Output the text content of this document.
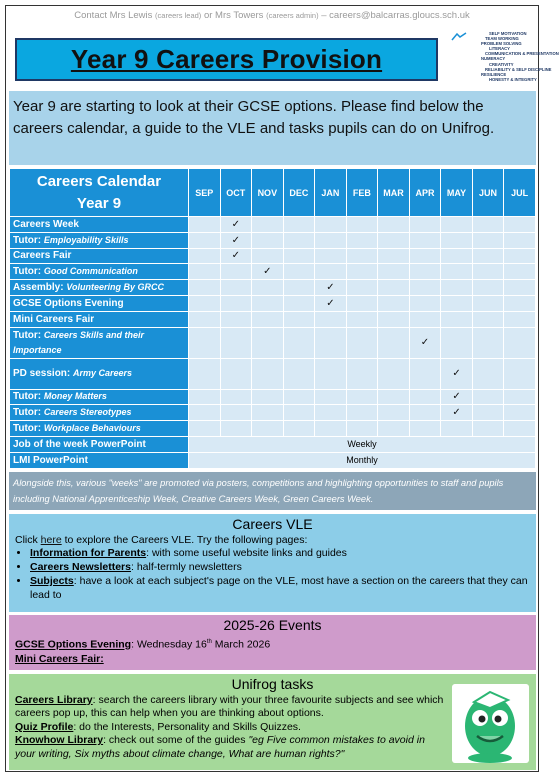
Contact Mrs Lewis (careers lead) or Mrs Towers (careers admin) – careers@balcarras.gloucs.sch.uk
Year 9 Careers Provision
SELF MOTIVATION
TEAM WORKING
PROBLEM SOLVING
LITERACY
COMMUNICATION & PRESENTATION
NUMERACY
CREATIVITY
RELIABILITY & SELF DISCIPLINE
RESILIENCE
HONESTY & INTEGRITY
Year 9 are starting to look at their GCSE options. Please find below the careers calendar, a guide to the VLE and tasks pupils can do on Unifrog.
Careers Calendar
Year 9	SEP	OCT	NOV	DEC	JAN	FEB	MAR	APR	MAY	JUN	JUL
Careers Week		✓									
Tutor: Employability Skills		✓									
Careers Fair		✓									
Tutor: Good Communication			✓								
Assembly: Volunteering By GRCC					✓						
GCSE Options Evening					✓						
Mini Careers Fair											
Tutor: Careers Skills and their Importance								✓			
PD session: Army Careers									✓		
Tutor: Money Matters									✓		
Tutor: Careers Stereotypes									✓		
Tutor: Workplace Behaviours											
Job of the week PowerPoint	Weekly										
LMI PowerPoint	Monthly										
Alongside this, various "weeks" are promoted via posters, competitions and highlighting opportunities to staff and pupils including National Apprenticeship Week, Creative Careers Week, Green Careers Week.
Careers VLE

Click here to explore the Careers VLE. Try the following pages:

• Information for Parents: with some useful website links and guides
• Careers Newsletters: half-termly newsletters
• Subjects: have a look at each subject's page on the VLE, most have a section on the careers that they can lead to
2025-26 Events

GCSE Options Evening: Wednesday 16th March 2026

Mini Careers Fair:

Unifrog tasks

Careers Library: search the careers library with your three favourite subjects and see which careers pop up, this can help when you are thinking about options.

Quiz Profile: do the Interests, Personality and Skills Quizzes.

Knowhow Library: check out some of the guides "eg Five common mistakes to avoid in your writing, Six myths about climate change, What are human rights?"
